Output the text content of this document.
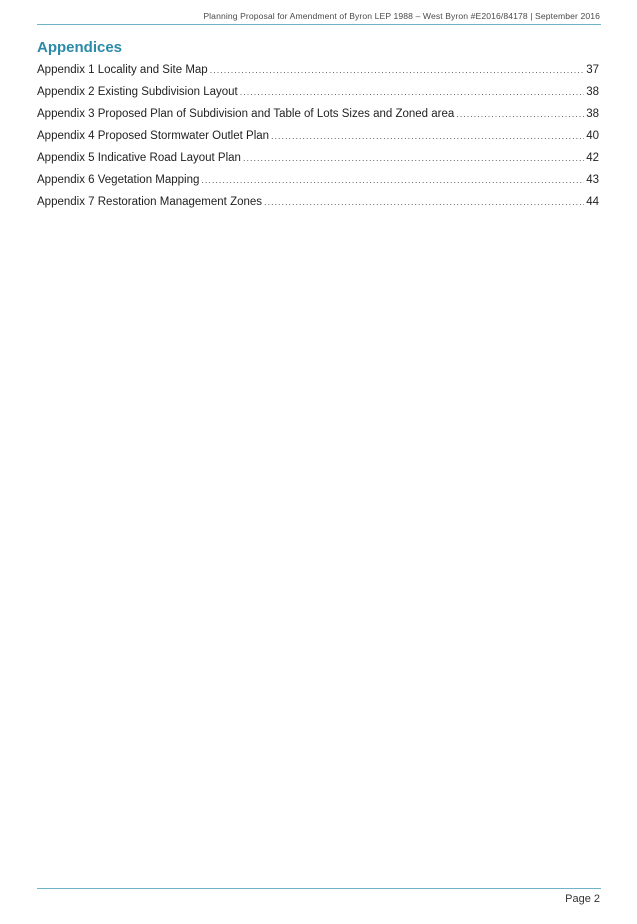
Planning Proposal for Amendment of Byron LEP 1988 – West Byron #E2016/84178 | September 2016
Appendices
Appendix 1 Locality and Site Map .....	37
Appendix 2 Existing Subdivision Layout .....	38
Appendix 3 Proposed Plan of Subdivision and Table of Lots Sizes and Zoned area .....	38
Appendix 4 Proposed Stormwater Outlet Plan .....	40
Appendix 5 Indicative Road Layout Plan .....	42
Appendix 6 Vegetation Mapping .....	43
Appendix 7 Restoration Management Zones .....	44
Page 2
